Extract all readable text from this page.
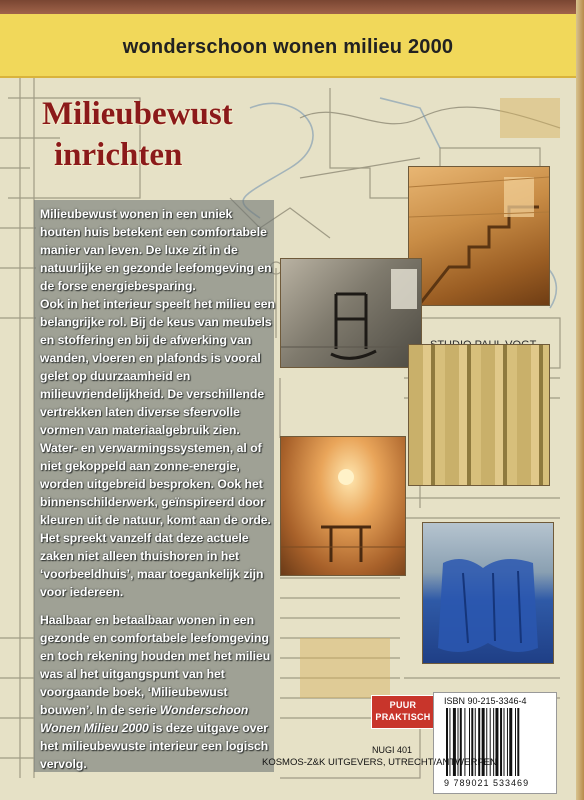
wonderschoon wonen milieu 2000
Milieubewust
inrichten

Milieubewust wonen in een uniek houten huis betekent een comfortabele manier van leven. De luxe zit in de natuurlijke en gezonde leefomgeving en de forse energiebesparing.

Ook in het interieur speelt het milieu een belangrijke rol. Bij de keus van meubels en stoffering en bij de afwerking van wanden, vloeren en plafonds is vooral gelet op duurzaamheid en milieuvriendelijkheid. De verschillende vertrekken laten diverse sfeervolle vormen van materiaalgebruik zien. Water- en verwarmingssystemen, al of niet gekoppeld aan zonne-energie, worden uitgebreid besproken. Ook het binnenschilderwerk, geïnspireerd door kleuren uit de natuur, komt aan de orde. Het spreekt vanzelf dat deze actuele zaken niet alleen thuishoren in het ‘voorbeeldhuis’, maar toegankelijk zijn voor iedereen.

Haalbaar en betaalbaar wonen in een gezonde en comfortabele leefomgeving en toch rekening houden met het milieu was al het uitgangspunt van het voorgaande boek, ‘Milieubewust bouwen’. In de serie Wonderschoon Wonen Milieu 2000 is deze uitgave over het milieubewuste interieur een logisch vervolg.

PUUR
PRAKTISCH
ISBN 90-215-3346-4
9 789021 533469
NUGI 401
KOSMOS-Z&K UITGEVERS, UTRECHT/ANTWERPEN
